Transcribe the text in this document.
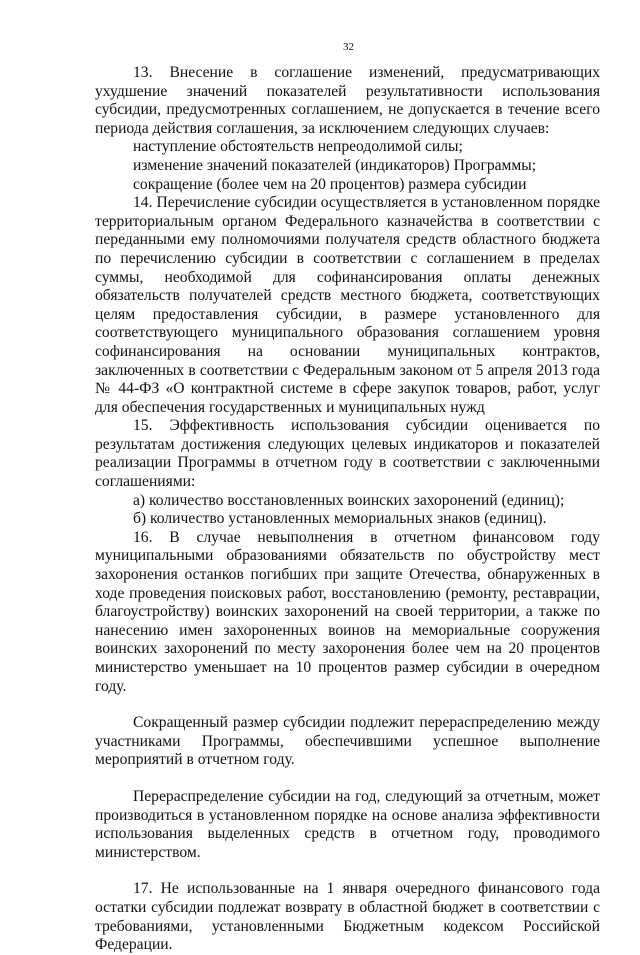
32

13. Внесение в соглашение изменений, предусматривающих ухудшение значений показателей результативности использования субсидии, предусмотренных соглашением, не допускается в течение всего периода действия соглашения, за исключением следующих случаев:

наступление обстоятельств непреодолимой силы;

изменение значений показателей (индикаторов) Программы;

сокращение (более чем на 20 процентов) размера субсидии

14. Перечисление субсидии осуществляется в установленном порядке территориальным органом Федерального казначейства в соответствии с переданными ему полномочиями получателя средств областного бюджета по перечислению субсидии в соответствии с соглашением в пределах суммы, необходимой для софинансирования оплаты денежных обязательств получателей средств местного бюджета, соответствующих целям предоставления субсидии, в размере установленного для соответствующего муниципального образования соглашением уровня софинансирования на основании муниципальных контрактов, заключенных в соответствии с Федеральным законом от 5 апреля 2013 года № 44-ФЗ «О контрактной системе в сфере закупок товаров, работ, услуг для обеспечения государственных и муниципальных нужд

15. Эффективность использования субсидии оценивается по результатам достижения следующих целевых индикаторов и показателей реализации Программы в отчетном году в соответствии с заключенными соглашениями:

а) количество восстановленных воинских захоронений (единиц);

б) количество установленных мемориальных знаков (единиц).

16. В случае невыполнения в отчетном финансовом году муниципальными образованиями обязательств по обустройству мест захоронения останков погибших при защите Отечества, обнаруженных в ходе проведения поисковых работ, восстановлению (ремонту, реставрации, благоустройству) воинских захоронений на своей территории, а также по нанесению имен захороненных воинов на мемориальные сооружения воинских захоронений по месту захоронения более чем на 20 процентов министерство уменьшает на 10 процентов размер субсидии в очередном году.

Сокращенный размер субсидии подлежит перераспределению между участниками Программы, обеспечившими успешное выполнение мероприятий в отчетном году.

Перераспределение субсидии на год, следующий за отчетным, может производиться в установленном порядке на основе анализа эффективности использования выделенных средств в отчетном году, проводимого министерством.

17. Не использованные на 1 января очередного финансового года остатки субсидии подлежат возврату в областной бюджет в соответствии с требованиями, установленными Бюджетным кодексом Российской Федерации.
